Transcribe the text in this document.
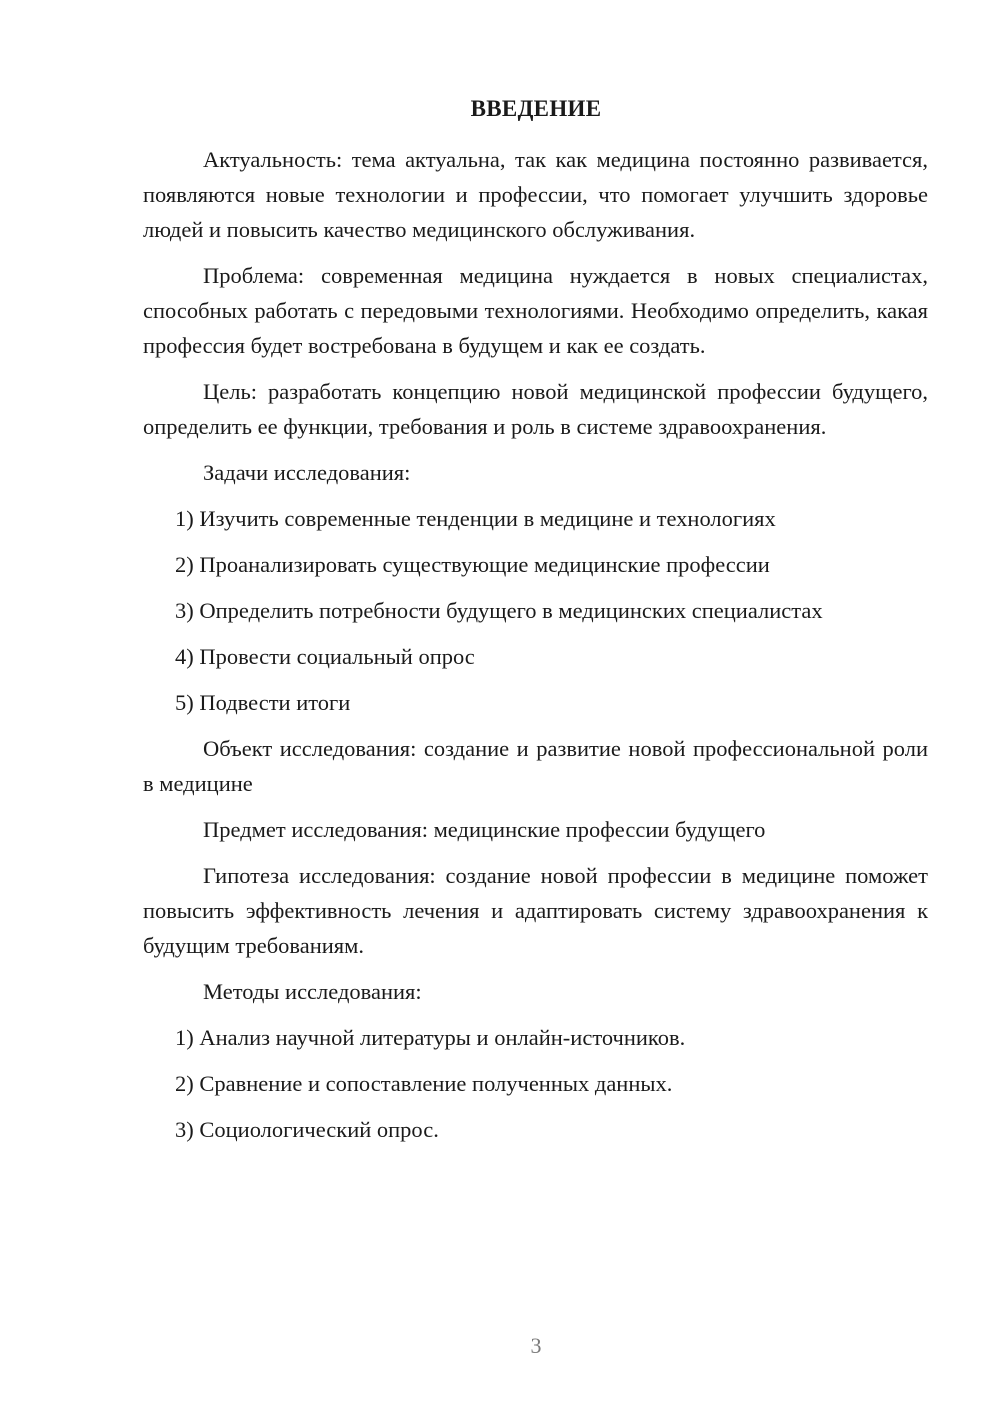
ВВЕДЕНИЕ

Актуальность: тема актуальна, так как медицина постоянно развивается, появляются новые технологии и профессии, что помогает улучшить здоровье людей и повысить качество медицинского обслуживания.

Проблема: современная медицина нуждается в новых специалистах, способных работать с передовыми технологиями. Необходимо определить, какая профессия будет востребована в будущем и как ее создать.

Цель: разработать концепцию новой медицинской профессии будущего, определить ее функции, требования и роль в системе здравоохранения.

Задачи исследования:

1) Изучить современные тенденции в медицине и технологиях

2) Проанализировать существующие медицинские профессии

3) Определить потребности будущего в медицинских специалистах

4) Провести социальный опрос

5) Подвести итоги

Объект исследования: создание и развитие новой профессиональной роли в медицине

Предмет исследования: медицинские профессии будущего

Гипотеза исследования: создание новой профессии в медицине поможет повысить эффективность лечения и адаптировать систему здравоохранения к будущим требованиям.

Методы исследования:

1) Анализ научной литературы и онлайн-источников.

2) Сравнение и сопоставление полученных данных.

3) Социологический опрос.

3
